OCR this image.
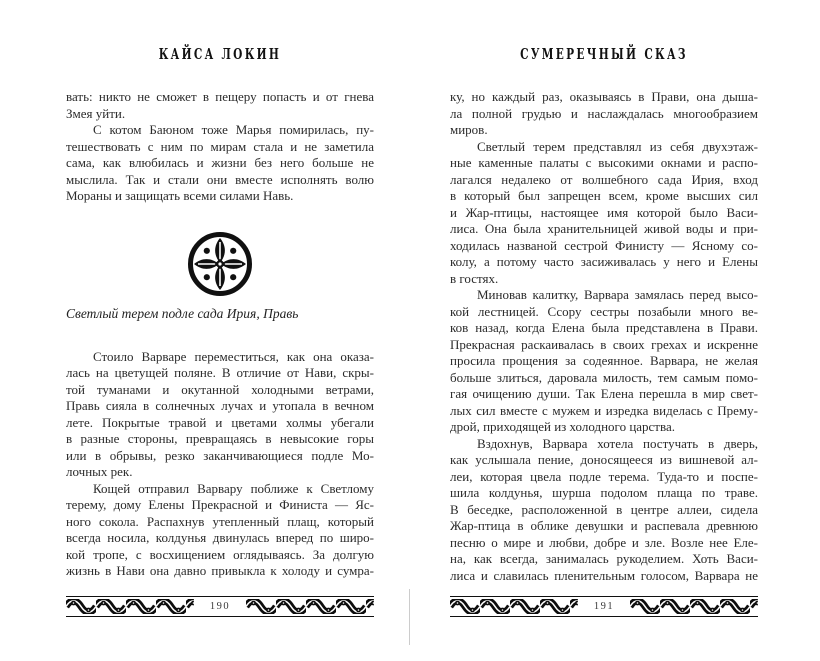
КАЙСА ЛОКИН
вать: никто не сможет в пещеру попасть и от гнева
Змея уйти.
С котом Баюном тоже Марья помирилась, пу-
тешествовать с ним по мирам стала и не заметила
сама, как влюбилась и жизни без него больше не
мыслила. Так и стали они вместе исполнять волю
Мораны и защищать всеми силами Навь.
Светлый терем подле сада Ирия, Правь
Стоило Варваре переместиться, как она оказа-
лась на цветущей поляне. В отличие от Нави, скры-
той туманами и окутанной холодными ветрами,
Правь сияла в солнечных лучах и утопала в вечном
лете. Покрытые травой и цветами холмы убегали
в разные стороны, превращаясь в невысокие горы
или в обрывы, резко заканчивающиеся подле Мо-
лочных рек.
Кощей отправил Варвару поближе к Светлому
терему, дому Елены Прекрасной и Финиста — Яс-
ного сокола. Распахнув утепленный плащ, который
всегда носила, колдунья двинулась вперед по широ-
кой тропе, с восхищением оглядываясь. За долгую
жизнь в Нави она давно привыкла к холоду и сумра-
190
СУМЕРЕЧНЫЙ СКАЗ
ку, но каждый раз, оказываясь в Прави, она дыша-
ла полной грудью и наслаждалась многообразием
миров.
Светлый терем представлял из себя двухэтаж-
ные каменные палаты с высокими окнами и распо-
лагался недалеко от волшебного сада Ирия, вход
в который был запрещен всем, кроме высших сил
и Жар-птицы, настоящее имя которой было Васи-
лиса. Она была хранительницей живой воды и при-
ходилась названой сестрой Финисту — Ясному со-
колу, а потому часто засиживалась у него и Елены
в гостях.
Миновав калитку, Варвара замялась перед высо-
кой лестницей. Ссору сестры позабыли много ве-
ков назад, когда Елена была представлена в Прави.
Прекрасная раскаивалась в своих грехах и искренне
просила прощения за содеянное. Варвара, не желая
больше злиться, даровала милость, тем самым помо-
гая очищению души. Так Елена перешла в мир свет-
лых сил вместе с мужем и изредка виделась с Прему-
дрой, приходящей из холодного царства.
Вздохнув, Варвара хотела постучать в дверь,
как услышала пение, доносящееся из вишневой ал-
леи, которая цвела подле терема. Туда-то и поспе-
шила колдунья, шурша подолом плаща по траве.
В беседке, расположенной в центре аллеи, сидела
Жар-птица в облике девушки и распевала древнюю
песню о мире и любви, добре и зле. Возле нее Еле-
на, как всегда, занималась рукоделием. Хоть Васи-
лиса и славилась пленительным голосом, Варвара не
191
